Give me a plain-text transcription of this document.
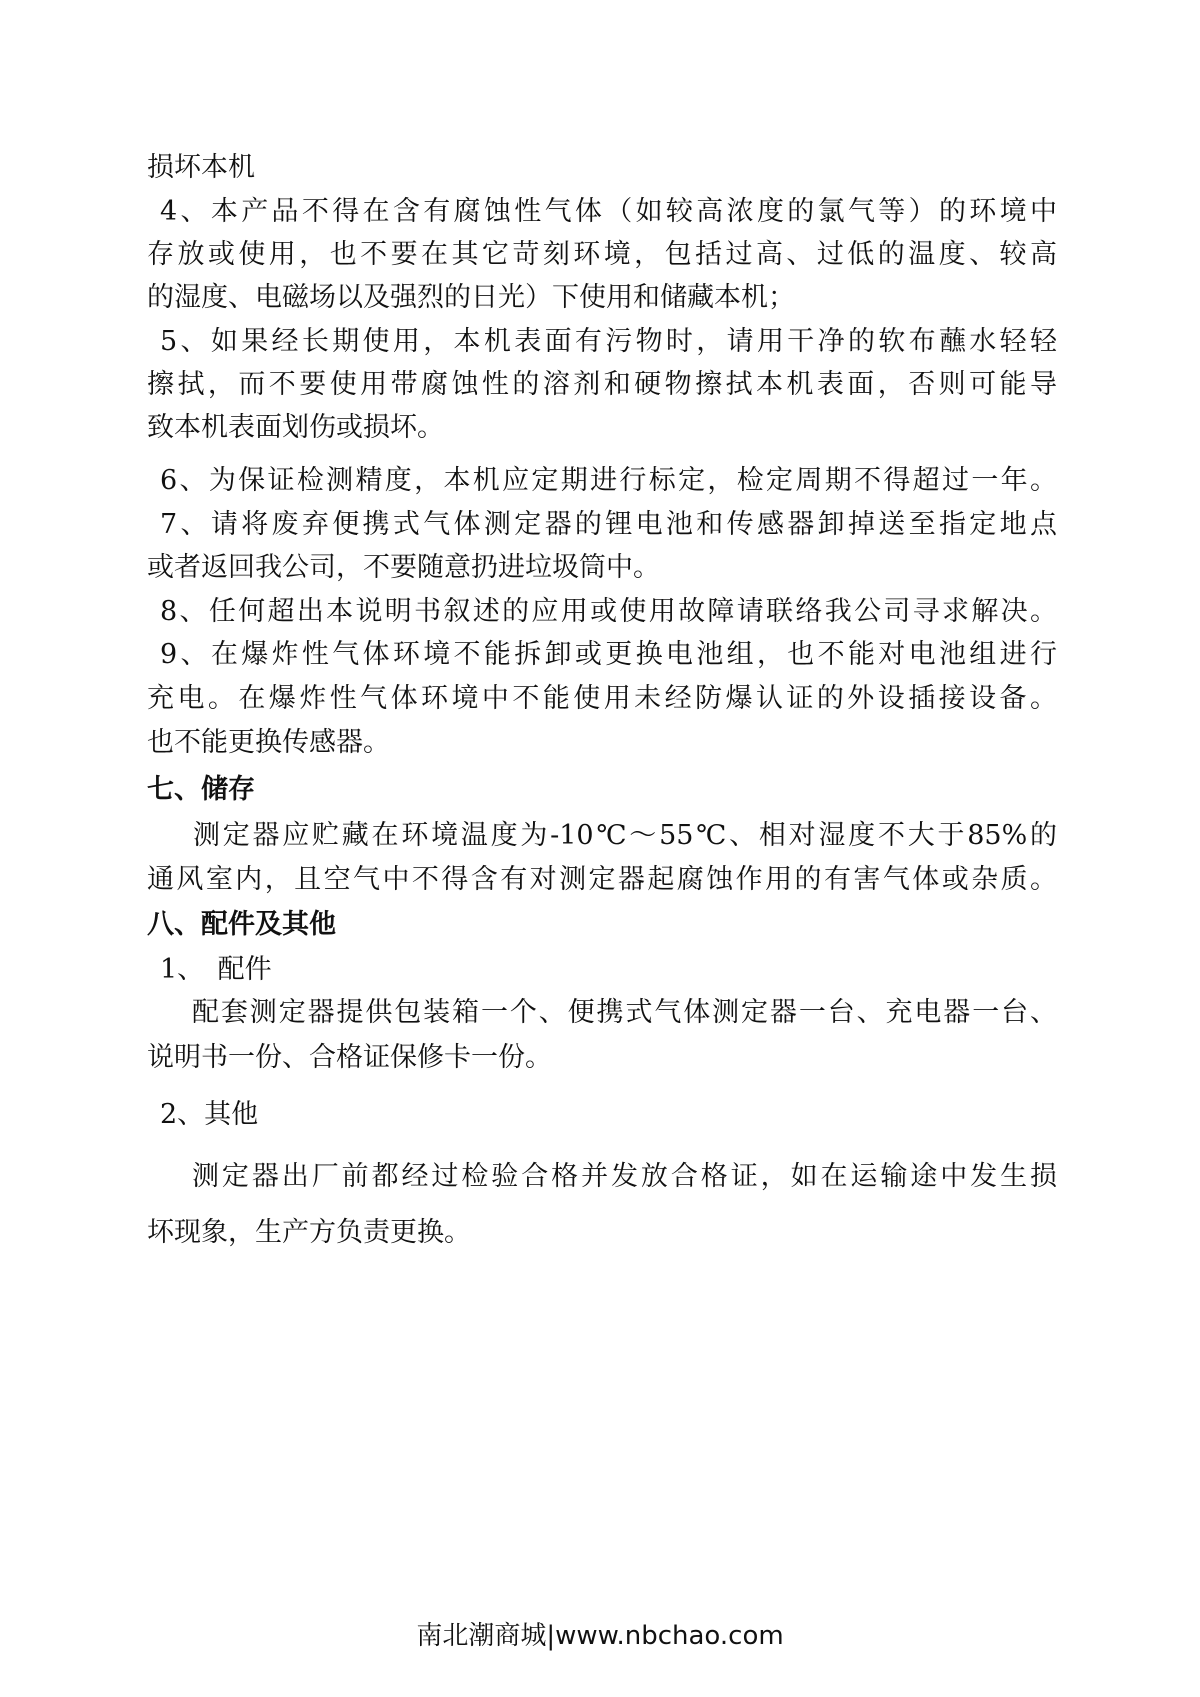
损坏本机
4、本产品不得在含有腐蚀性气体（如较高浓度的氯气等）的环境中
存放或使用，也不要在其它苛刻环境，包括过高、过低的温度、较高
的湿度、电磁场以及强烈的日光）下使用和储藏本机；
5、如果经长期使用，本机表面有污物时，请用干净的软布蘸水轻轻
擦拭，而不要使用带腐蚀性的溶剂和硬物擦拭本机表面，否则可能导
致本机表面划伤或损坏。
6、为保证检测精度，本机应定期进行标定，检定周期不得超过一年。
7、请将废弃便携式气体测定器的锂电池和传感器卸掉送至指定地点
或者返回我公司，不要随意扔进垃圾筒中。
8、任何超出本说明书叙述的应用或使用故障请联络我公司寻求解决。
9、在爆炸性气体环境不能拆卸或更换电池组，也不能对电池组进行
充电。在爆炸性气体环境中不能使用未经防爆认证的外设插接设备。
也不能更换传感器。
七、储存
测定器应贮藏在环境温度为-10℃～55℃、相对湿度不大于85%的
通风室内，且空气中不得含有对测定器起腐蚀作用的有害气体或杂质。
八、配件及其他
1、　配件
配套测定器提供包装箱一个、便携式气体测定器一台、充电器一台、
说明书一份、合格证保修卡一份。
2、其他
测定器出厂前都经过检验合格并发放合格证，如在运输途中发生损
坏现象，生产方负责更换。
南北潮商城|www.nbchao.com
